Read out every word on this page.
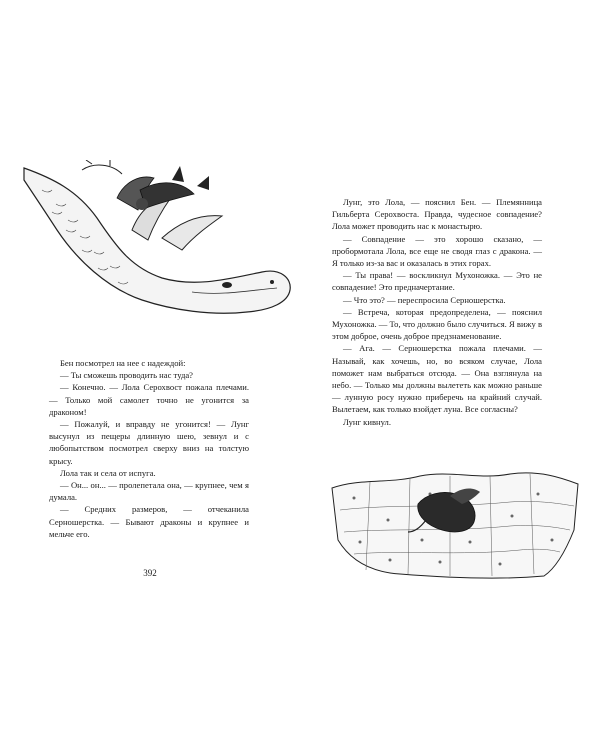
Бен посмотрел на нее с надеждой:

— Ты сможешь проводить нас туда?

— Конечно. — Лола Серохвост пожала плечами. — Только мой самолет точно не угонится за драконом!

— Пожалуй, и вправду не угонится! — Лунг высунул из пещеры длинную шею, зевнул и с любопытством посмотрел сверху вниз на толстую крысу.

Лола так и села от испуга.

— Он... он... — пролепетала она, — крупнее, чем я думала.

— Средних размеров, — отчеканила Серношерстка. — Бывают драконы и крупнее и мельче его.

392

Лунг, это Лола, — пояснил Бен. — Племянница Гильберта Серохвоста. Правда, чудесное совпадение? Лола может проводить нас к монастырю.

— Совпадение — это хорошо сказано, — пробормотала Лола, все еще не сводя глаз с дракона. — Я только из-за вас и оказалась в этих горах.

— Ты права! — воскликнул Мухоножка. — Это не совпадение! Это предначертание.

— Что это? — переспросила Серношерстка.

— Встреча, которая предопределена, — пояснил Мухоножка. — То, что должно было случиться. Я вижу в этом доброе, очень доброе предзнаменование.

— Ага. — Серношерстка пожала плечами. — Называй, как хочешь, но, во всяком случае, Лола поможет нам выбраться отсюда. — Она взглянула на небо. — Только мы должны вылететь как можно раньше — лунную росу нужно приберечь на крайний случай. Вылетаем, как только взойдет луна. Все согласны?

Лунг кивнул.
